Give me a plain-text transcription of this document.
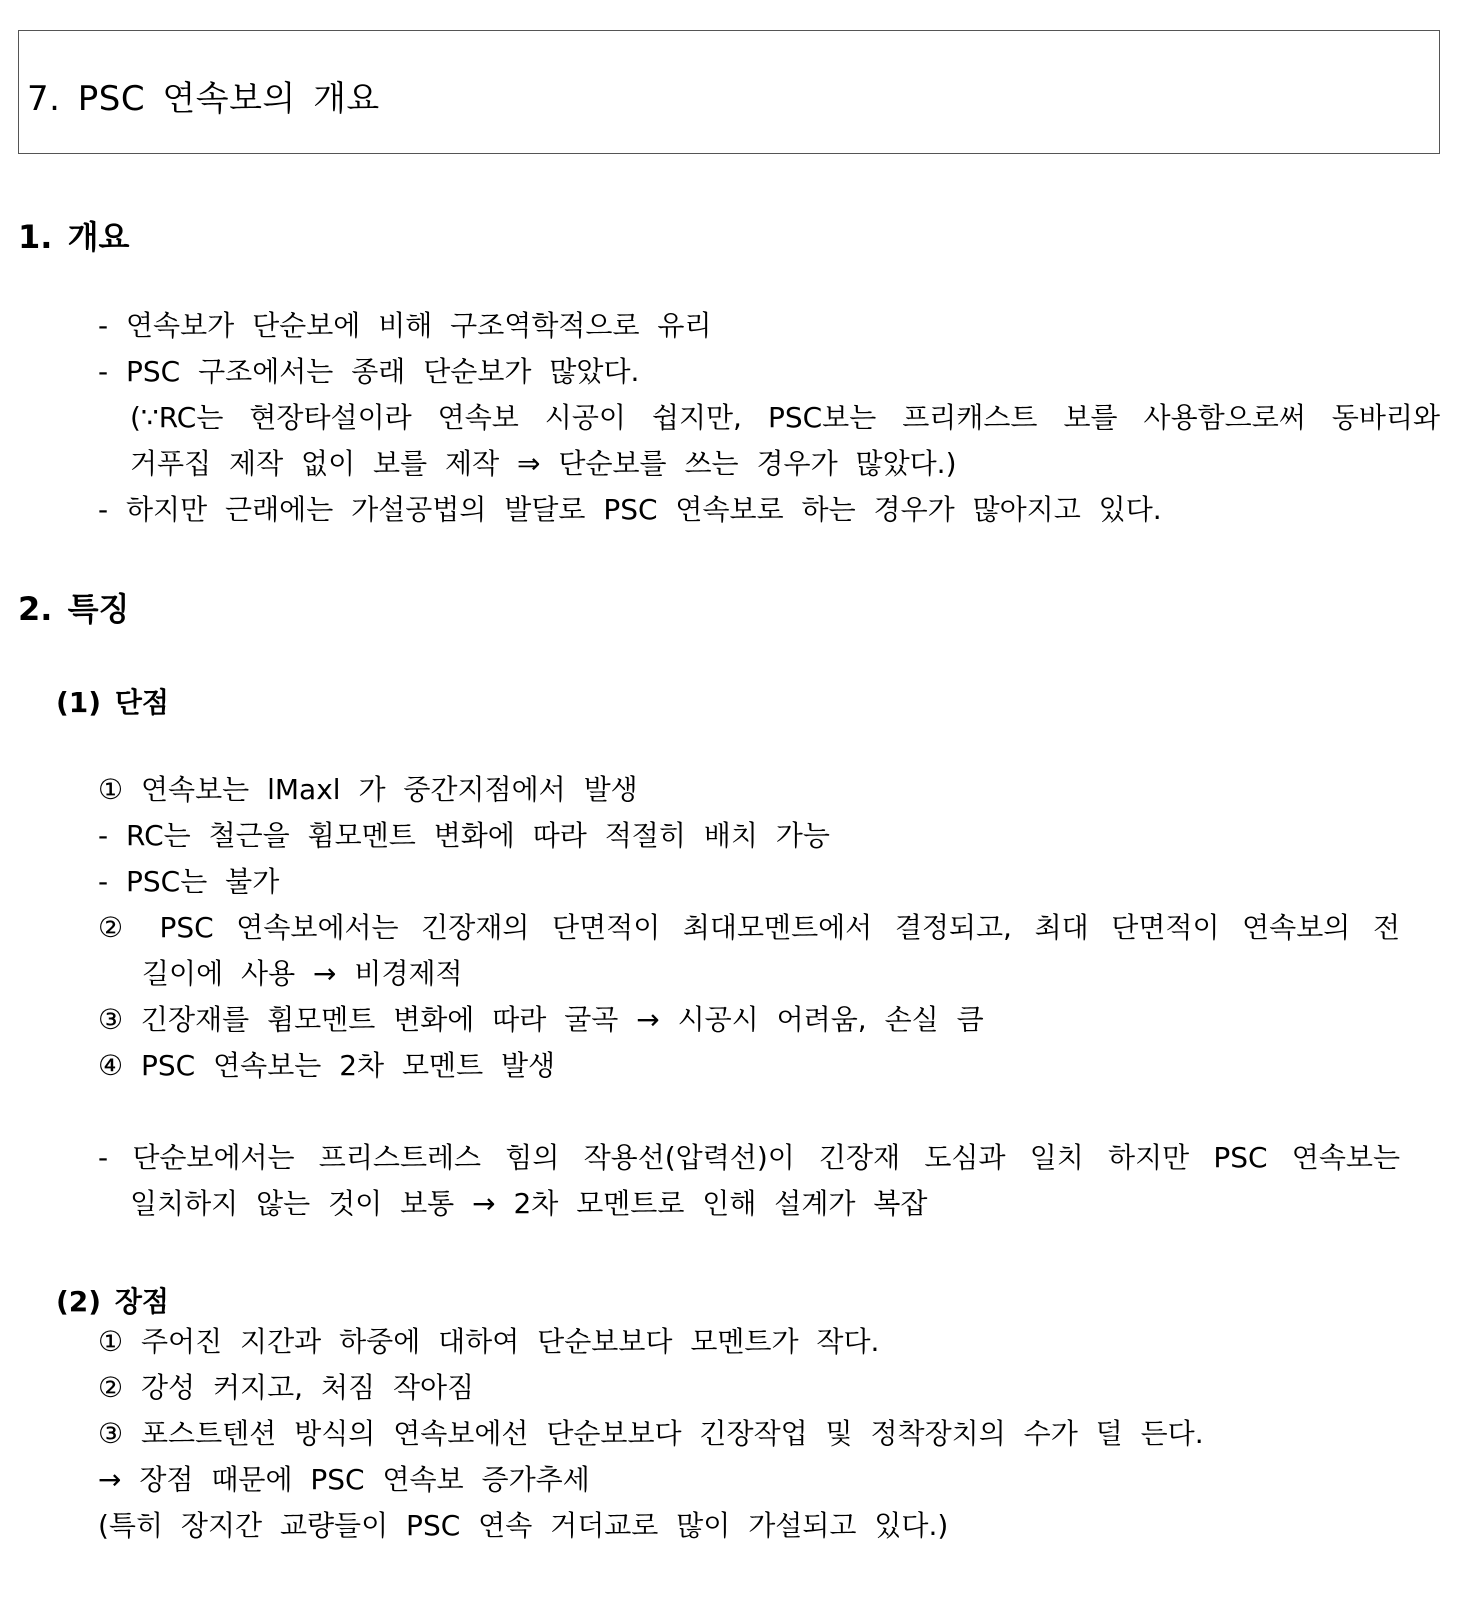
7. PSC 연속보의 개요
1. 개요
- 연속보가 단순보에 비해 구조역학적으로 유리
- PSC 구조에서는 종래 단순보가 많았다.
(∵RC는 현장타설이라 연속보 시공이 쉽지만, PSC보는 프리캐스트 보를 사용함으로써 동바리와
거푸집 제작 없이 보를 제작 ⇒ 단순보를 쓰는 경우가 많았다.)
- 하지만 근래에는 가설공법의 발달로 PSC 연속보로 하는 경우가 많아지고 있다.
2. 특징
(1) 단점
① 연속보는 lMaxl 가 중간지점에서 발생
- RC는 철근을 휨모멘트 변화에 따라 적절히 배치 가능
- PSC는 불가
② PSC 연속보에서는 긴장재의 단면적이 최대모멘트에서 결정되고, 최대 단면적이 연속보의 전
길이에 사용 → 비경제적
③ 긴장재를 휨모멘트 변화에 따라 굴곡 → 시공시 어려움, 손실 큼
④ PSC 연속보는 2차 모멘트 발생
- 단순보에서는 프리스트레스 힘의 작용선(압력선)이 긴장재 도심과 일치 하지만 PSC 연속보는
일치하지 않는 것이 보통 → 2차 모멘트로 인해 설계가 복잡
(2) 장점
① 주어진 지간과 하중에 대하여 단순보보다 모멘트가 작다.
② 강성 커지고, 처짐 작아짐
③ 포스트텐션 방식의 연속보에선 단순보보다 긴장작업 및 정착장치의 수가 덜 든다.
→ 장점 때문에 PSC 연속보 증가추세
(특히 장지간 교량들이 PSC 연속 거더교로 많이 가설되고 있다.)
